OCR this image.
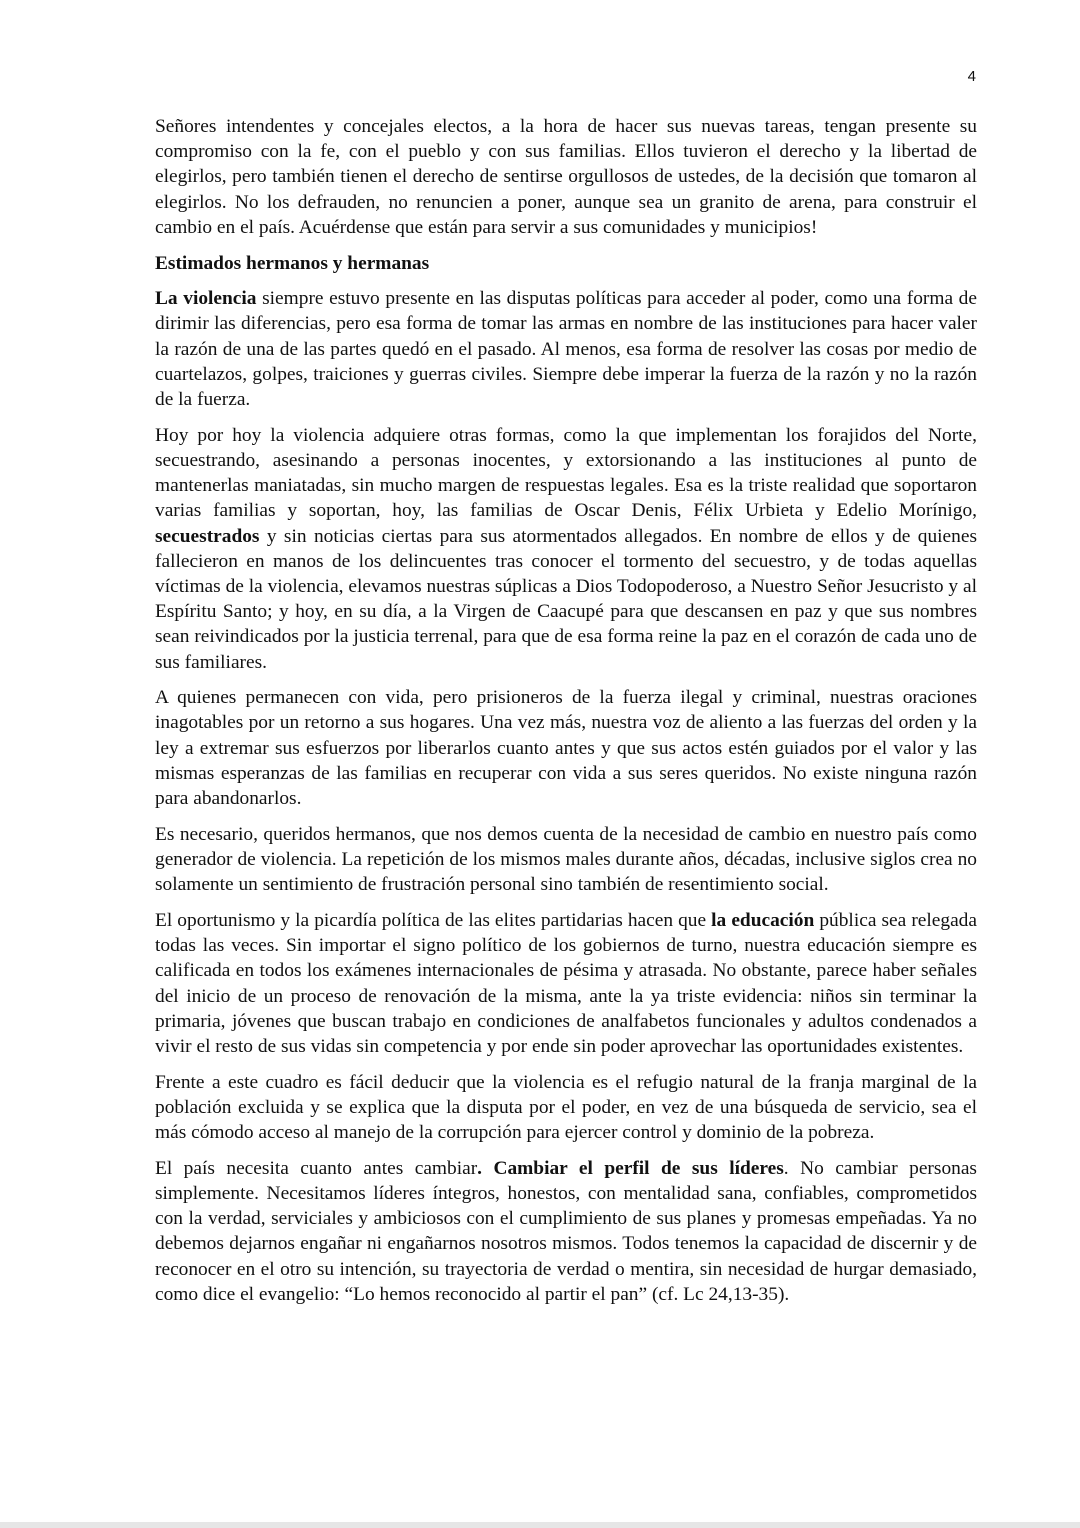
4

Señores intendentes y concejales electos, a la hora de hacer sus nuevas tareas, tengan presente su compromiso con la fe, con el pueblo y con sus familias. Ellos tuvieron el derecho y la libertad de elegirlos, pero también tienen el derecho de sentirse orgullosos de ustedes, de la decisión que tomaron al elegirlos. No los defrauden, no renuncien a poner, aunque sea un granito de arena, para construir el cambio en el país. Acuérdense que están para servir a sus comunidades y municipios!

Estimados hermanos y hermanas

La violencia siempre estuvo presente en las disputas políticas para acceder al poder, como una forma de dirimir las diferencias, pero esa forma de tomar las armas en nombre de las instituciones para hacer valer la razón de una de las partes quedó en el pasado. Al menos, esa forma de resolver las cosas por medio de cuartelazos, golpes, traiciones y guerras civiles. Siempre debe imperar la fuerza de la razón y no la razón de la fuerza.

Hoy por hoy la violencia adquiere otras formas, como la que implementan los forajidos del Norte, secuestrando, asesinando a personas inocentes, y extorsionando a las instituciones al punto de mantenerlas maniatadas, sin mucho margen de respuestas legales. Esa es la triste realidad que soportaron varias familias y soportan, hoy, las familias de Oscar Denis, Félix Urbieta y Edelio Morínigo, secuestrados y sin noticias ciertas para sus atormentados allegados. En nombre de ellos y de quienes fallecieron en manos de los delincuentes tras conocer el tormento del secuestro, y de todas aquellas víctimas de la violencia, elevamos nuestras súplicas a Dios Todopoderoso, a Nuestro Señor Jesucristo y al Espíritu Santo; y hoy, en su día, a la Virgen de Caacupé para que descansen en paz y que sus nombres sean reivindicados por la justicia terrenal, para que de esa forma reine la paz en el corazón de cada uno de sus familiares.

A quienes permanecen con vida, pero prisioneros de la fuerza ilegal y criminal, nuestras oraciones inagotables por un retorno a sus hogares. Una vez más, nuestra voz de aliento a las fuerzas del orden y la ley a extremar sus esfuerzos por liberarlos cuanto antes y que sus actos estén guiados por el valor y las mismas esperanzas de las familias en recuperar con vida a sus seres queridos. No existe ninguna razón para abandonarlos.

Es necesario, queridos hermanos, que nos demos cuenta de la necesidad de cambio en nuestro país como generador de violencia. La repetición de los mismos males durante años, décadas, inclusive siglos crea no solamente un sentimiento de frustración personal sino también de resentimiento social.

El oportunismo y la picardía política de las elites partidarias hacen que la educación pública sea relegada todas las veces. Sin importar el signo político de los gobiernos de turno, nuestra educación siempre es calificada en todos los exámenes internacionales de pésima y atrasada. No obstante, parece haber señales del inicio de un proceso de renovación de la misma, ante la ya triste evidencia: niños sin terminar la primaria, jóvenes que buscan trabajo en condiciones de analfabetos funcionales y adultos condenados a vivir el resto de sus vidas sin competencia y por ende sin poder aprovechar las oportunidades existentes.

Frente a este cuadro es fácil deducir que la violencia es el refugio natural de la franja marginal de la población excluida y se explica que la disputa por el poder, en vez de una búsqueda de servicio, sea el más cómodo acceso al manejo de la corrupción para ejercer control y dominio de la pobreza.

El país necesita cuanto antes cambiar. Cambiar el perfil de sus líderes. No cambiar personas simplemente. Necesitamos líderes íntegros, honestos, con mentalidad sana, confiables, comprometidos con la verdad, serviciales y ambiciosos con el cumplimiento de sus planes y promesas empeñadas. Ya no debemos dejarnos engañar ni engañarnos nosotros mismos. Todos tenemos la capacidad de discernir y de reconocer en el otro su intención, su trayectoria de verdad o mentira, sin necesidad de hurgar demasiado, como dice el evangelio: “Lo hemos reconocido al partir el pan” (cf. Lc 24,13-35).
